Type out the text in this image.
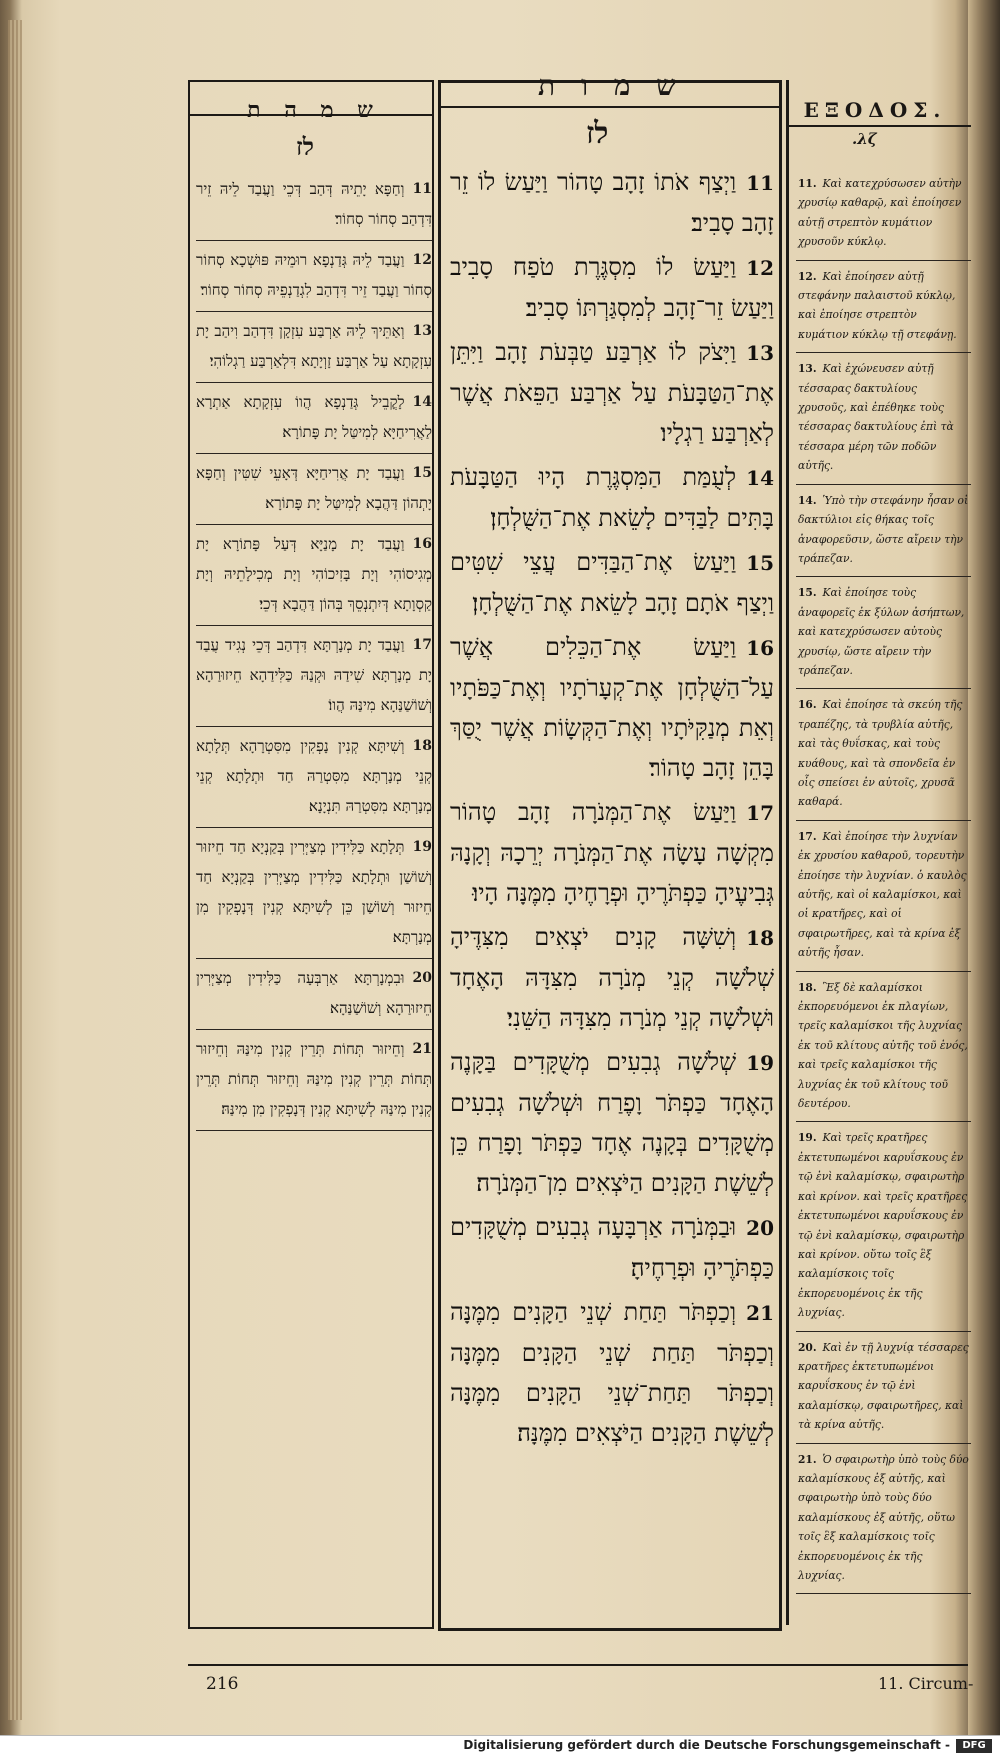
ש מ ה ת
ש מ ו ת
ΕΞΟΔΟΣ.
לז	לז	λζ.
11
וְחַפָּא יָתֵיהּ דְּהַב דְּכֵי וַעֲבַד לֵיהּ זֵיר דִּדְהַב סְחוֹר סְחוֹר׃
12
וַעֲבַד לֵיהּ גְּדַנְפָא רוּמֵיהּ פּוּשְׁכָא סְחוֹר סְחוֹר וַעֲבַד זֵיר דִּדְהַב לִגְדַנְפֵיהּ סְחוֹר סְחוֹר׃
13
וְאַתֵּיךְ לֵיהּ אַרְבַּע עִזְקָן דִּדְהַב וִיהַב יָת עִזְקָתָא עַל אַרְבַּע זָוְיָתָא דִּלְאַרְבַּע רַגְלוֹהִי׃
14
לָקֳבֵיל גְּדַנְפָא הֲווֹ עִזְקָתָא אַתְרָא לַאֲרִיחַיָּא לְמִיטַּל יָת פָּתוֹרָא׃
15
וַעֲבַד יָת אֲרִיחַיָּא דְּאָעֵי שִׁטִּין וְחַפָּא יָתְהוֹן דַּהֲבָא לְמִיטַּל יָת פָּתוֹרָא׃
16
וַעֲבַד יָת מָנַיָּא דְּעַל פָּתוֹרָא יָת מְגִיסוֹהִי וְיָת בָּזִיכוֹהִי וְיָת מְכִילָתֵיהּ וְיָת קַסְוָתָא דְּיִתְנְסֵךְ בְּהוֹן דַּהֲבָא דְּכֵי׃
17
וַעֲבַד יָת מְנָרְתָּא דִּדְהַב דְּכֵי נְגִיד עֲבַד יָת מְנָרְתָּא שִׁידַהּ וּקְנַהּ כַּלִּידַהָא חֵיזוּרַהָא וְשׁוֹשַׁנַּהָא מִינַּהּ הֲווֹ׃
18
וְשִׁיתָּא קְנִין נָפְקִין מִסִּטְרָהָא תְּלָתָא קְנֵי מְנָרְתָּא מִסִּטְרַהּ חַד וּתְלָתָא קְנֵי מְנָרְתָּא מִסִּטְרַהּ תִּנְיָנָא׃
19
תְּלָתָא כַּלִּידִין מְצַיְּרִין בְּקַנְיָא חַד חֵיזוּר וְשׁוֹשַׁן וּתְלָתָא כַּלִּידִין מְצַיְּרִין בְּקַנְיָא חַד חֵיזוּר וְשׁוֹשַׁן כֵּן לְשִׁיתָּא קְנִין דְּנָפְקִין מִן מְנָרְתָּא׃
20
וּבִמְנָרְתָּא אַרְבְּעָה כַּלִּידִין מְצַיְּרִין חֵיזוּרַהָא וְשׁוֹשַׁנַּהָא׃
21
וְחֵיזוּר תְּחוֹת תְּרֵין קְנִין מִינַּהּ וְחֵיזוּר תְּחוֹת תְּרֵין קְנִין מִינַּהּ וְחֵיזוּר תְּחוֹת תְּרֵין קְנִין מִינַּהּ לְשִׁיתָּא קְנִין דְּנָפְקִין מִן מִינַּהּ׃
11וַיְצַף אֹתוֹ זָהָב טָהוֹר וַיַּעַשׂ לוֹ זֵר זָהָב סָבִיב׃
12וַיַּעַשׂ לוֹ מִסְגֶּרֶת טֹפַח סָבִיב וַיַּעַשׂ זֵר־זָהָב לְמִסְגַּרְתּוֹ סָבִיב׃
13וַיִּצֹק לוֹ אַרְבַּע טַבְּעֹת זָהָב וַיִּתֵּן אֶת־הַטַּבָּעֹת עַל אַרְבַּע הַפֵּאֹת אֲשֶׁר לְאַרְבַּע רַגְלָיו׃
14לְעֻמַּת הַמִּסְגֶּרֶת הָיוּ הַטַּבָּעֹת בָּתִּים לַבַּדִּים לָשֵׂאת אֶת־הַשֻּׁלְחָן׃
15וַיַּעַשׂ אֶת־הַבַּדִּים עֲצֵי שִׁטִּים וַיְצַף אֹתָם זָהָב לָשֵׂאת אֶת־הַשֻּׁלְחָן׃
16וַיַּעַשׂ אֶת־הַכֵּלִים אֲשֶׁר עַל־הַשֻּׁלְחָן אֶת־קְעָרֹתָיו וְאֶת־כַּפֹּתָיו וְאֵת מְנַקִּיֹּתָיו וְאֶת־הַקְּשָׂוֹת אֲשֶׁר יֻסַּךְ בָּהֵן זָהָב טָהוֹר׃
17וַיַּעַשׂ אֶת־הַמְּנֹרָה זָהָב טָהוֹר מִקְשָׁה עָשָׂה אֶת־הַמְּנֹרָה יְרֵכָהּ וְקָנָהּ גְּבִיעֶיהָ כַּפְתֹּרֶיהָ וּפְרָחֶיהָ מִמֶּנָּה הָיוּ׃
18וְשִׁשָּׁה קָנִים יֹצְאִים מִצִּדֶּיהָ שְׁלֹשָׁה קְנֵי מְנֹרָה מִצִּדָּהּ הָאֶחָד וּשְׁלֹשָׁה קְנֵי מְנֹרָה מִצִּדָּהּ הַשֵּׁנִי׃
19שְׁלֹשָׁה גְבִעִים מְשֻׁקָּדִים בַּקָּנֶה הָאֶחָד כַּפְתֹּר וָפֶרַח וּשְׁלֹשָׁה גְבִעִים מְשֻׁקָּדִים בְּקָנֶה אֶחָד כַּפְתֹּר וָפָרַח כֵּן לְשֵׁשֶׁת הַקָּנִים הַיֹּצְאִים מִן־הַמְּנֹרָה׃
20וּבַמְּנֹרָה אַרְבָּעָה גְבִעִים מְשֻׁקָּדִים כַּפְתֹּרֶיהָ וּפְרָחֶיהָ׃
21וְכַפְתֹּר תַּחַת שְׁנֵי הַקָּנִים מִמֶּנָּה וְכַפְתֹּר תַּחַת שְׁנֵי הַקָּנִים מִמֶּנָּה וְכַפְתֹּר תַּחַת־שְׁנֵי הַקָּנִים מִמֶּנָּה לְשֵׁשֶׁת הַקָּנִים הַיֹּצְאִים מִמֶּנָּה׃
11. Καὶ κατεχρύσωσεν αὐτὴν χρυσίῳ καθαρῷ, καὶ ἐποίησεν αὐτῇ στρεπτὸν κυμάτιον χρυσοῦν κύκλῳ.
12. Καὶ ἐποίησεν αὐτῇ στεφάνην παλαιστοῦ κύκλῳ, καὶ ἐποίησε στρεπτὸν κυμάτιον κύκλῳ τῇ στεφάνῃ.
13. Καὶ ἐχώνευσεν αὐτῇ τέσσαρας δακτυλίους χρυσοῦς, καὶ ἐπέθηκε τοὺς τέσσαρας δακτυλίους ἐπὶ τὰ τέσσαρα μέρη τῶν ποδῶν αὐτῆς.
14. Ὑπὸ τὴν στεφάνην ἦσαν οἱ δακτύλιοι εἰς θήκας τοῖς ἀναφορεῦσιν, ὥστε αἴρειν τὴν τράπεζαν.
15. Καὶ ἐποίησε τοὺς ἀναφορεῖς ἐκ ξύλων ἀσήπτων, καὶ κατεχρύσωσεν αὐτοὺς χρυσίῳ, ὥστε αἴρειν τὴν τράπεζαν.
16. Καὶ ἐποίησε τὰ σκεύη τῆς τραπέζης, τὰ τρυβλία αὐτῆς, καὶ τὰς θυΐσκας, καὶ τοὺς κυάθους, καὶ τὰ σπονδεῖα ἐν οἷς σπείσει ἐν αὐτοῖς, χρυσᾶ καθαρά.
17. Καὶ ἐποίησε τὴν λυχνίαν ἐκ χρυσίου καθαροῦ, τορευτὴν ἐποίησε τὴν λυχνίαν. ὁ καυλὸς αὐτῆς, καὶ οἱ καλαμίσκοι, καὶ οἱ κρατῆρες, καὶ οἱ σφαιρωτῆρες, καὶ τὰ κρίνα ἐξ αὐτῆς ἦσαν.
18. Ἓξ δὲ καλαμίσκοι ἐκπορευόμενοι ἐκ πλαγίων, τρεῖς καλαμίσκοι τῆς λυχνίας ἐκ τοῦ κλίτους αὐτῆς τοῦ ἑνός, καὶ τρεῖς καλαμίσκοι τῆς λυχνίας ἐκ τοῦ κλίτους τοῦ δευτέρου.
19. Καὶ τρεῖς κρατῆρες ἐκτετυπωμένοι καρυΐσκους ἐν τῷ ἑνὶ καλαμίσκῳ, σφαιρωτὴρ καὶ κρίνον. καὶ τρεῖς κρατῆρες ἐκτετυπωμένοι καρυΐσκους ἐν τῷ ἑνὶ καλαμίσκῳ, σφαιρωτὴρ καὶ κρίνον. οὕτω τοῖς ἓξ καλαμίσκοις τοῖς ἐκπορευομένοις ἐκ τῆς λυχνίας.
20. Καὶ ἐν τῇ λυχνίᾳ τέσσαρες κρατῆρες ἐκτετυπωμένοι καρυΐσκους ἐν τῷ ἑνὶ καλαμίσκῳ, σφαιρωτῆρες, καὶ τὰ κρίνα αὐτῆς.
21. Ὁ σφαιρωτὴρ ὑπὸ τοὺς δύο καλαμίσκους ἐξ αὐτῆς, καὶ σφαιρωτὴρ ὑπὸ τοὺς δύο καλαμίσκους ἐξ αὐτῆς, οὕτω τοῖς ἓξ καλαμίσκοις τοῖς ἐκπορευομένοις ἐκ τῆς λυχνίας.
216	11. Circum-
Digitalisierung gefördert durch die Deutsche Forschungsgemeinschaft -	DFG
